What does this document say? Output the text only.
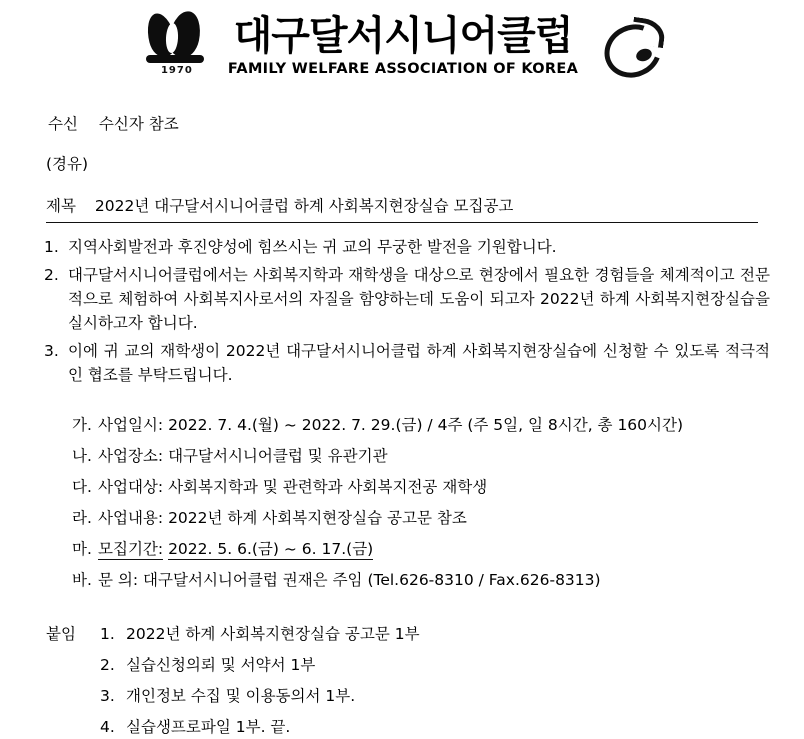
1970
대구달서시니어클럽
FAMILY WELFARE ASSOCIATION OF KOREA
수신 수신자 참조
(경유)
제목 2022년 대구달서시니어클럽 하계 사회복지현장실습 모집공고
1. 지역사회발전과 후진양성에 힘쓰시는 귀 교의 무궁한 발전을 기원합니다.
2. 대구달서시니어클럽에서는 사회복지학과 재학생을 대상으로 현장에서 필요한 경험들을 체계적이고 전문적으로 체험하여 사회복지사로서의 자질을 함양하는데 도움이 되고자 2022년 하계 사회복지현장실습을 실시하고자 합니다.
3. 이에 귀 교의 재학생이 2022년 대구달서시니어클럽 하계 사회복지현장실습에 신청할 수 있도록 적극적인 협조를 부탁드립니다.
가. 사업일시: 2022. 7. 4.(월) ~ 2022. 7. 29.(금) / 4주 (주 5일, 일 8시간, 총 160시간)
나. 사업장소: 대구달서시니어클럽 및 유관기관
다. 사업대상: 사회복지학과 및 관련학과 사회복지전공 재학생
라. 사업내용: 2022년 하계 사회복지현장실습 공고문 참조
마. 모집기간: 2022. 5. 6.(금) ~ 6. 17.(금)
바. 문 의: 대구달서시니어클럽 권재은 주임 (Tel.626-8310 / Fax.626-8313)
붙임 1. 2022년 하계 사회복지현장실습 공고문 1부
2. 실습신청의뢰 및 서약서 1부
3. 개인정보 수집 및 이용동의서 1부.
4. 실습생프로파일 1부. 끝.
